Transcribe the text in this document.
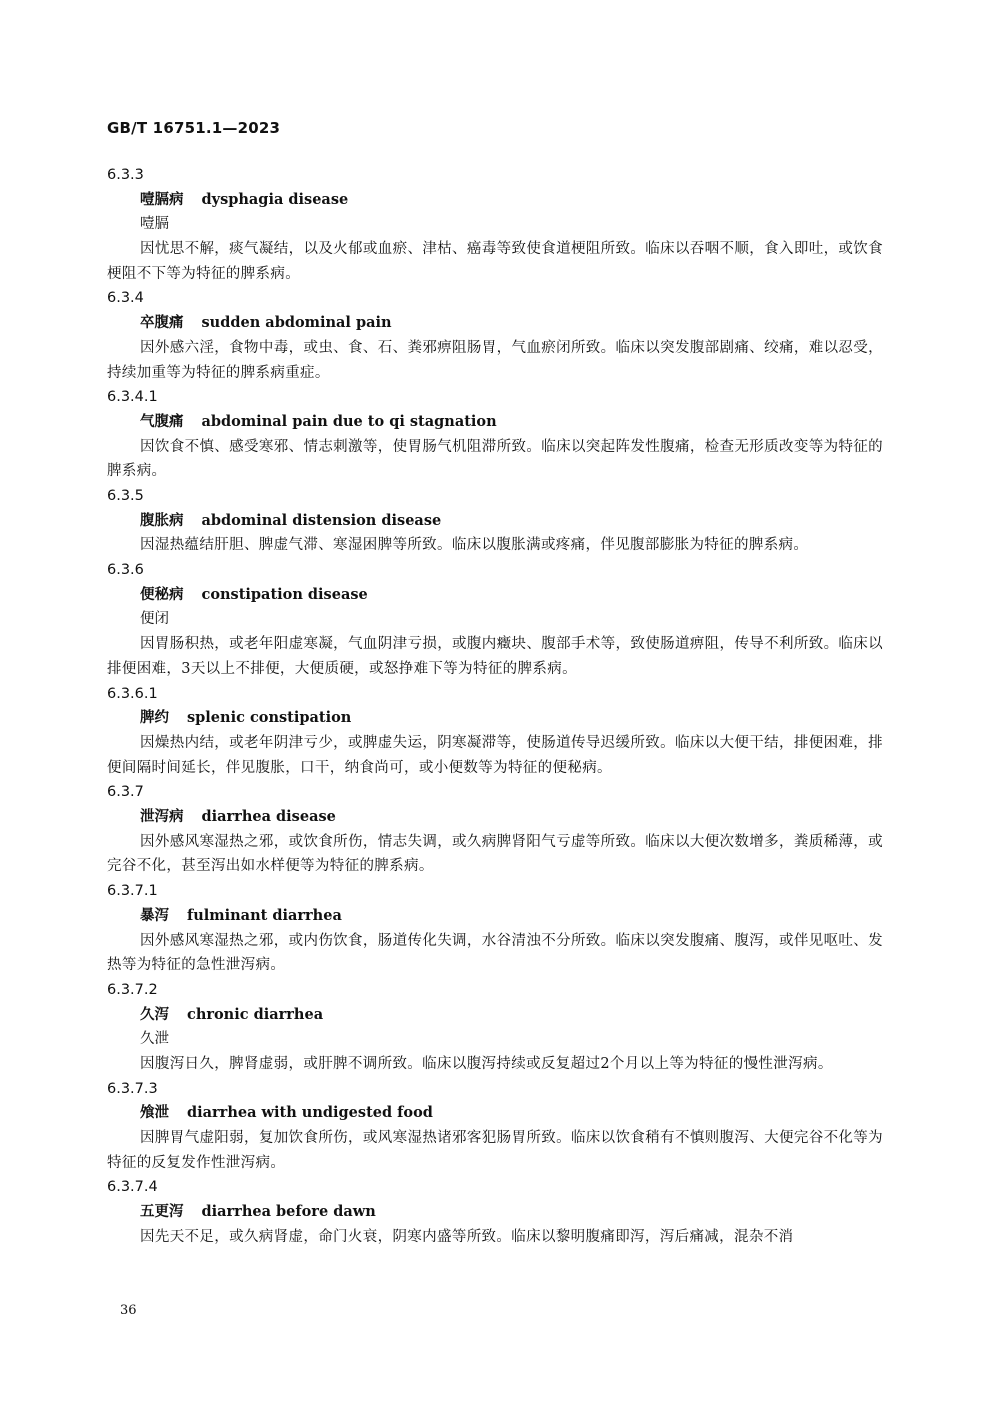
GB/T 16751.1—2023
6.3.3
噎膈病 dysphagia disease
噎膈
因忧思不解，痰气凝结，以及火郁或血瘀、津枯、癌毒等致使食道梗阻所致。临床以吞咽不顺，食入即吐，或饮食梗阻不下等为特征的脾系病。
6.3.4
卒腹痛 sudden abdominal pain
因外感六淫，食物中毒，或虫、食、石、粪邪痹阻肠胃，气血瘀闭所致。临床以突发腹部剧痛、绞痛，难以忍受，持续加重等为特征的脾系病重症。
6.3.4.1
气腹痛 abdominal pain due to qi stagnation
因饮食不慎、感受寒邪、情志刺激等，使胃肠气机阻滞所致。临床以突起阵发性腹痛，检查无形质改变等为特征的脾系病。
6.3.5
腹胀病 abdominal distension disease
因湿热蕴结肝胆、脾虚气滞、寒湿困脾等所致。临床以腹胀满或疼痛，伴见腹部膨胀为特征的脾系病。
6.3.6
便秘病 constipation disease
便闭
因胃肠积热，或老年阳虚寒凝，气血阴津亏损，或腹内癥块、腹部手术等，致使肠道痹阻，传导不利所致。临床以排便困难，3天以上不排便，大便质硬，或怒挣难下等为特征的脾系病。
6.3.6.1
脾约 splenic constipation
因燥热内结，或老年阴津亏少，或脾虚失运，阴寒凝滞等，使肠道传导迟缓所致。临床以大便干结，排便困难，排便间隔时间延长，伴见腹胀，口干，纳食尚可，或小便数等为特征的便秘病。
6.3.7
泄泻病 diarrhea disease
因外感风寒湿热之邪，或饮食所伤，情志失调，或久病脾肾阳气亏虚等所致。临床以大便次数增多，粪质稀薄，或完谷不化，甚至泻出如水样便等为特征的脾系病。
6.3.7.1
暴泻 fulminant diarrhea
因外感风寒湿热之邪，或内伤饮食，肠道传化失调，水谷清浊不分所致。临床以突发腹痛、腹泻，或伴见呕吐、发热等为特征的急性泄泻病。
6.3.7.2
久泻 chronic diarrhea
久泄
因腹泻日久，脾肾虚弱，或肝脾不调所致。临床以腹泻持续或反复超过2个月以上等为特征的慢性泄泻病。
6.3.7.3
飧泄 diarrhea with undigested food
因脾胃气虚阳弱，复加饮食所伤，或风寒湿热诸邪客犯肠胃所致。临床以饮食稍有不慎则腹泻、大便完谷不化等为特征的反复发作性泄泻病。
6.3.7.4
五更泻 diarrhea before dawn
因先天不足，或久病肾虚，命门火衰，阴寒内盛等所致。临床以黎明腹痛即泻，泻后痛减，混杂不消
36
